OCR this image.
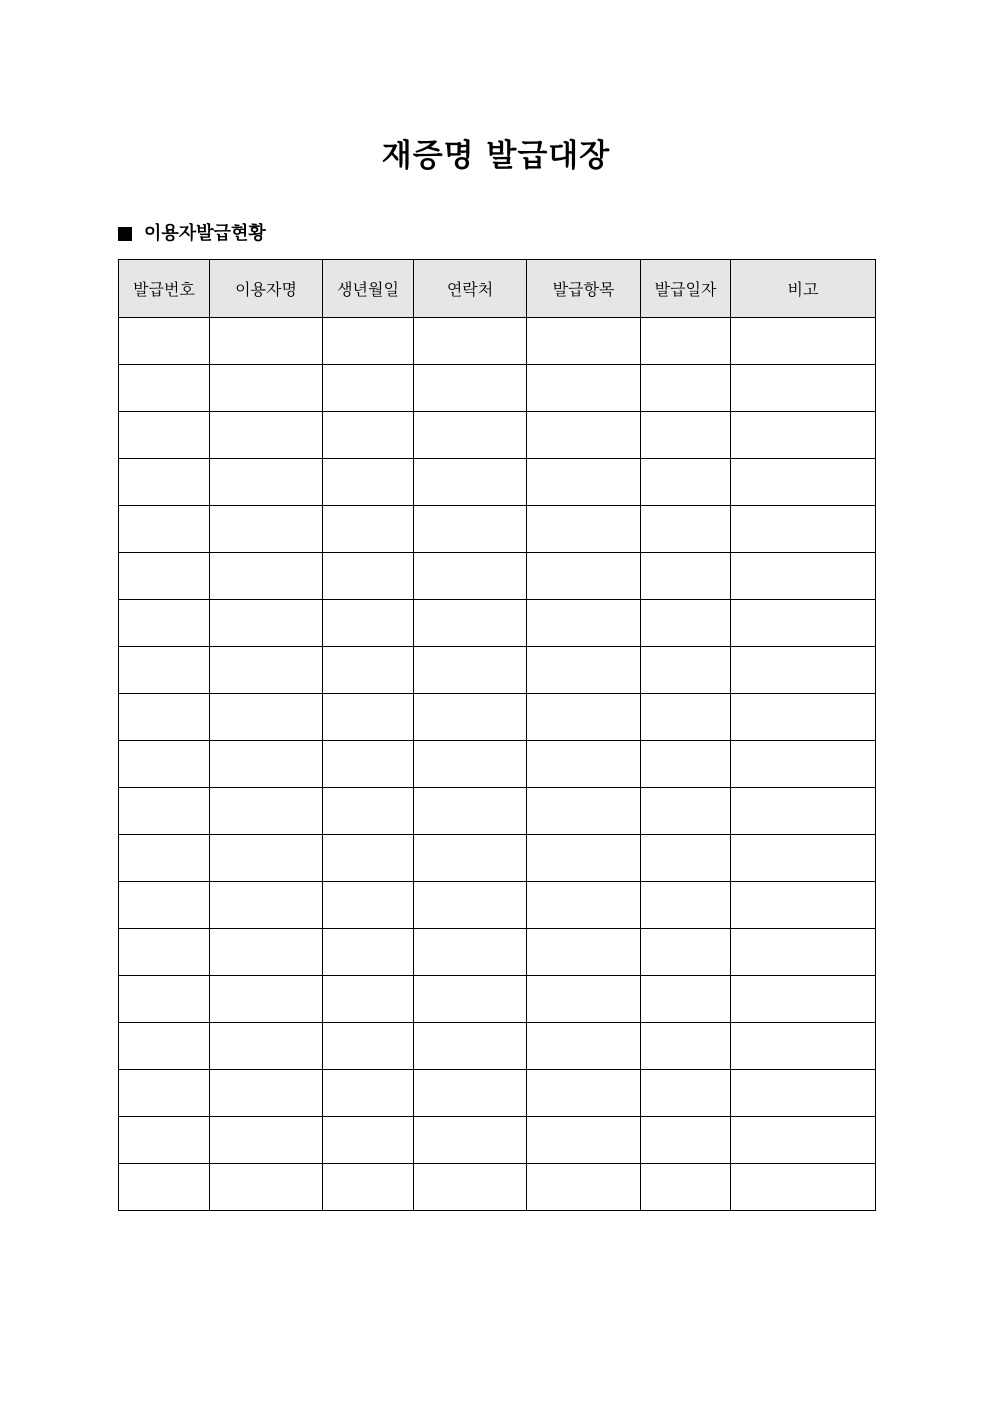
재증명 발급대장
이용자발급현황
발급번호	이용자명	생년월일	연락처	발급항목	발급일자	비고
